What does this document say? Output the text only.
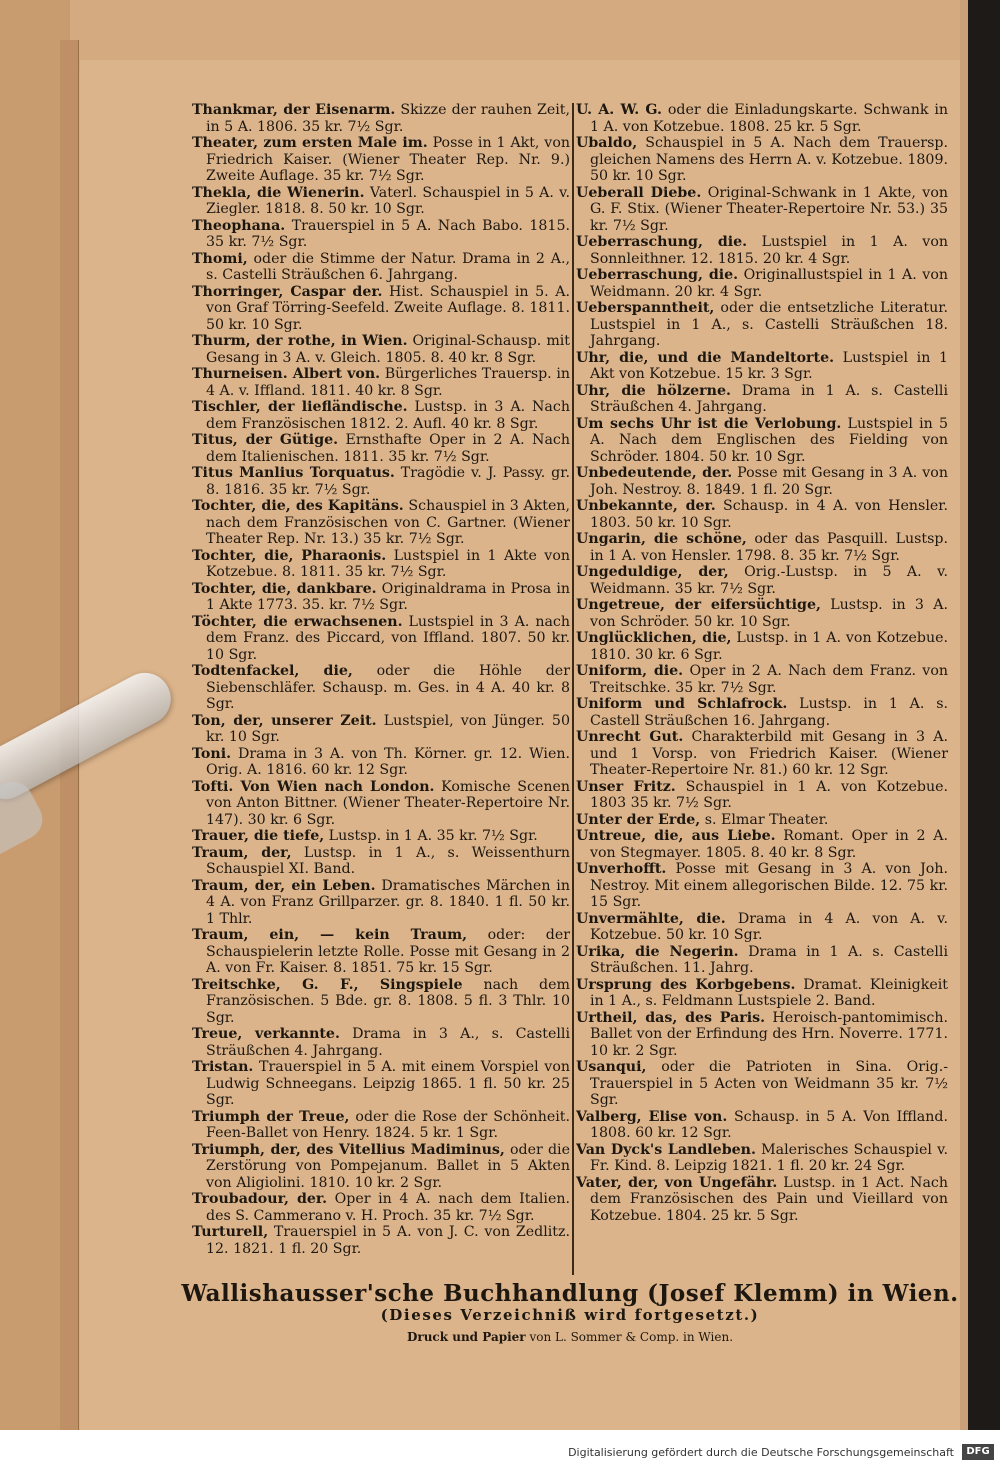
Thankmar, der Eisenarm. Skizze der rauhen Zeit, in 5 A. 1806. 35 kr. 7½ Sgr.

Theater, zum ersten Male im. Posse in 1 Akt, von Friedrich Kaiser. (Wiener Theater Rep. Nr. 9.) Zweite Auflage. 35 kr. 7½ Sgr.

Thekla, die Wienerin. Vaterl. Schauspiel in 5 A. v. Ziegler. 1818. 8. 50 kr. 10 Sgr.

Theophana. Trauerspiel in 5 A. Nach Babo. 1815. 35 kr. 7½ Sgr.

Thomi, oder die Stimme der Natur. Drama in 2 A., s. Castelli Sträußchen 6. Jahrgang.

Thorringer, Caspar der. Hist. Schauspiel in 5. A. von Graf Törring-Seefeld. Zweite Auflage. 8. 1811. 50 kr. 10 Sgr.

Thurm, der rothe, in Wien. Original-Schausp. mit Gesang in 3 A. v. Gleich. 1805. 8. 40 kr. 8 Sgr.

Thurneisen. Albert von. Bürgerliches Trauersp. in 4 A. v. Iffland. 1811. 40 kr. 8 Sgr.

Tischler, der liefländische. Lustsp. in 3 A. Nach dem Französischen 1812. 2. Aufl. 40 kr. 8 Sgr.

Titus, der Gütige. Ernsthafte Oper in 2 A. Nach dem Italienischen. 1811. 35 kr. 7½ Sgr.

Titus Manlius Torquatus. Tragödie v. J. Passy. gr. 8. 1816. 35 kr. 7½ Sgr.

Tochter, die, des Kapitäns. Schauspiel in 3 Akten, nach dem Französischen von C. Gartner. (Wiener Theater Rep. Nr. 13.) 35 kr. 7½ Sgr.

Tochter, die, Pharaonis. Lustspiel in 1 Akte von Kotzebue. 8. 1811. 35 kr. 7½ Sgr.

Tochter, die, dankbare. Originaldrama in Prosa in 1 Akte 1773. 35. kr. 7½ Sgr.

Töchter, die erwachsenen. Lustspiel in 3 A. nach dem Franz. des Piccard, von Iffland. 1807. 50 kr. 10 Sgr.

Todtenfackel, die, oder die Höhle der Siebenschläfer. Schausp. m. Ges. in 4 A. 40 kr. 8 Sgr.

Ton, der, unserer Zeit. Lustspiel, von Jünger. 50 kr. 10 Sgr.

Toni. Drama in 3 A. von Th. Körner. gr. 12. Wien. Orig. A. 1816. 60 kr. 12 Sgr.

Tofti. Von Wien nach London. Komische Scenen von Anton Bittner. (Wiener Theater-Repertoire Nr. 147). 30 kr. 6 Sgr.

Trauer, die tiefe, Lustsp. in 1 A. 35 kr. 7½ Sgr.

Traum, der, Lustsp. in 1 A., s. Weissenthurn Schauspiel XI. Band.

Traum, der, ein Leben. Dramatisches Märchen in 4 A. von Franz Grillparzer. gr. 8. 1840. 1 fl. 50 kr. 1 Thlr.

Traum, ein, — kein Traum, oder: der Schauspielerin letzte Rolle. Posse mit Gesang in 2 A. von Fr. Kaiser. 8. 1851. 75 kr. 15 Sgr.

Treitschke, G. F., Singspiele nach dem Französischen. 5 Bde. gr. 8. 1808. 5 fl. 3 Thlr. 10 Sgr.

Treue, verkannte. Drama in 3 A., s. Castelli Sträußchen 4. Jahrgang.

Tristan. Trauerspiel in 5 A. mit einem Vorspiel von Ludwig Schneegans. Leipzig 1865. 1 fl. 50 kr. 25 Sgr.

Triumph der Treue, oder die Rose der Schönheit. Feen-Ballet von Henry. 1824. 5 kr. 1 Sgr.

Triumph, der, des Vitellius Madiminus, oder die Zerstörung von Pompejanum. Ballet in 5 Akten von Aligiolini. 1810. 10 kr. 2 Sgr.

Troubadour, der. Oper in 4 A. nach dem Italien. des S. Cammerano v. H. Proch. 35 kr. 7½ Sgr.

Turturell, Trauerspiel in 5 A. von J. C. von Zedlitz. 12. 1821. 1 fl. 20 Sgr.

U. A. W. G. oder die Einladungskarte. Schwank in 1 A. von Kotzebue. 1808. 25 kr. 5 Sgr.

Ubaldo, Schauspiel in 5 A. Nach dem Trauersp. gleichen Namens des Herrn A. v. Kotzebue. 1809. 50 kr. 10 Sgr.

Ueberall Diebe. Original-Schwank in 1 Akte, von G. F. Stix. (Wiener Theater-Repertoire Nr. 53.) 35 kr. 7½ Sgr.

Ueberraschung, die. Lustspiel in 1 A. von Sonnleithner. 12. 1815. 20 kr. 4 Sgr.

Ueberraschung, die. Originallustspiel in 1 A. von Weidmann. 20 kr. 4 Sgr.

Ueberspanntheit, oder die entsetzliche Literatur. Lustspiel in 1 A., s. Castelli Sträußchen 18. Jahrgang.

Uhr, die, und die Mandeltorte. Lustspiel in 1 Akt von Kotzebue. 15 kr. 3 Sgr.

Uhr, die hölzerne. Drama in 1 A. s. Castelli Sträußchen 4. Jahrgang.

Um sechs Uhr ist die Verlobung. Lustspiel in 5 A. Nach dem Englischen des Fielding von Schröder. 1804. 50 kr. 10 Sgr.

Unbedeutende, der. Posse mit Gesang in 3 A. von Joh. Nestroy. 8. 1849. 1 fl. 20 Sgr.

Unbekannte, der. Schausp. in 4 A. von Hensler. 1803. 50 kr. 10 Sgr.

Ungarin, die schöne, oder das Pasquill. Lustsp. in 1 A. von Hensler. 1798. 8. 35 kr. 7½ Sgr.

Ungeduldige, der, Orig.-Lustsp. in 5 A. v. Weidmann. 35 kr. 7½ Sgr.

Ungetreue, der eifersüchtige, Lustsp. in 3 A. von Schröder. 50 kr. 10 Sgr.

Unglücklichen, die, Lustsp. in 1 A. von Kotzebue. 1810. 30 kr. 6 Sgr.

Uniform, die. Oper in 2 A. Nach dem Franz. von Treitschke. 35 kr. 7½ Sgr.

Uniform und Schlafrock. Lustsp. in 1 A. s. Castell Sträußchen 16. Jahrgang.

Unrecht Gut. Charakterbild mit Gesang in 3 A. und 1 Vorsp. von Friedrich Kaiser. (Wiener Theater-Repertoire Nr. 81.) 60 kr. 12 Sgr.

Unser Fritz. Schauspiel in 1 A. von Kotzebue. 1803 35 kr. 7½ Sgr.

Unter der Erde, s. Elmar Theater.

Untreue, die, aus Liebe. Romant. Oper in 2 A. von Stegmayer. 1805. 8. 40 kr. 8 Sgr.

Unverhofft. Posse mit Gesang in 3 A. von Joh. Nestroy. Mit einem allegorischen Bilde. 12. 75 kr. 15 Sgr.

Unvermählte, die. Drama in 4 A. von A. v. Kotzebue. 50 kr. 10 Sgr.

Urika, die Negerin. Drama in 1 A. s. Castelli Sträußchen. 11. Jahrg.

Ursprung des Korbgebens. Dramat. Kleinigkeit in 1 A., s. Feldmann Lustspiele 2. Band.

Urtheil, das, des Paris. Heroisch-pantomimisch. Ballet von der Erfindung des Hrn. Noverre. 1771. 10 kr. 2 Sgr.

Usanqui, oder die Patrioten in Sina. Orig.-Trauerspiel in 5 Acten von Weidmann 35 kr. 7½ Sgr.

Valberg, Elise von. Schausp. in 5 A. Von Iffland. 1808. 60 kr. 12 Sgr.

Van Dyck's Landleben. Malerisches Schauspiel v. Fr. Kind. 8. Leipzig 1821. 1 fl. 20 kr. 24 Sgr.

Vater, der, von Ungefähr. Lustsp. in 1 Act. Nach dem Französischen des Pain und Vieillard von Kotzebue. 1804. 25 kr. 5 Sgr.

Wallishausser'sche Buchhandlung (Josef Klemm) in Wien.
(Dieses Verzeichniß wird fortgesetzt.)
Druck und Papier von L. Sommer & Comp. in Wien.
Digitalisierung gefördert durch die Deutsche Forschungsgemeinschaft	DFG
